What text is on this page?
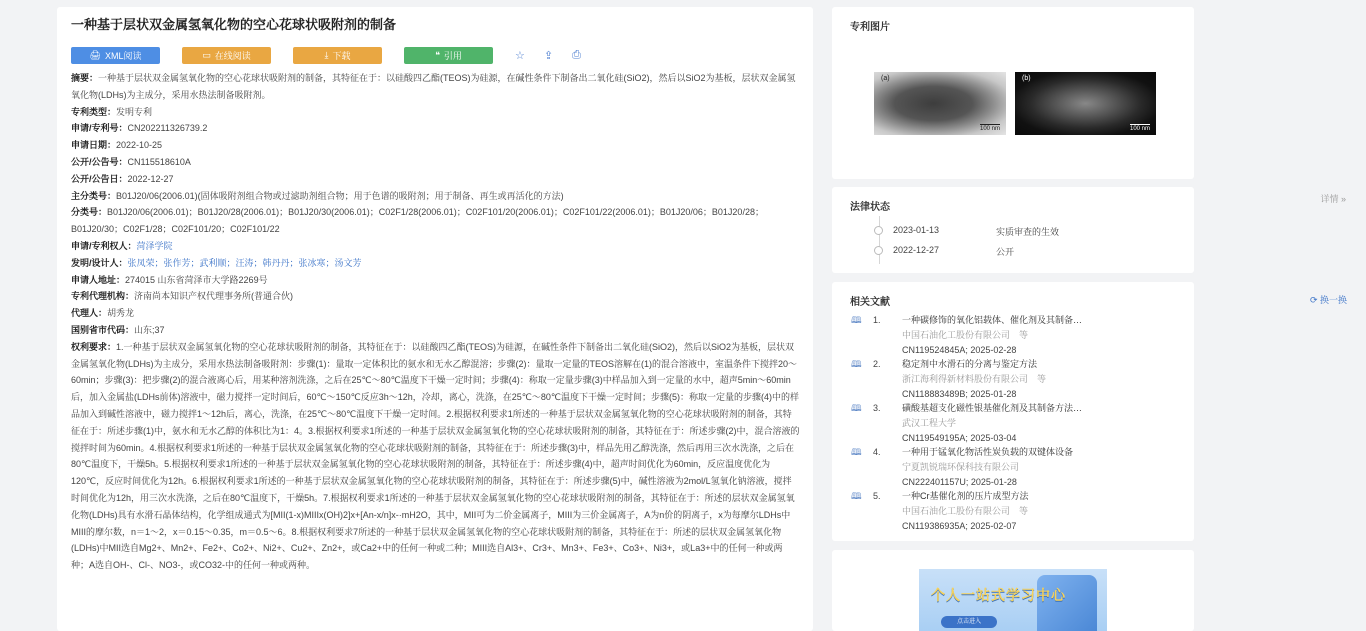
一种基于层状双金属氢氧化物的空心花球状吸附剂的制备
🖨 XML阅读	▭ 在线阅读	⤓ 下载	❝ 引用	☆ ⇪ ⎙

摘要：一种基于层状双金属氢氧化物的空心花球状吸附剂的制备，其特征在于：以硅酸四乙酯(TEOS)为硅源，在碱性条件下制备出二氧化硅(SiO2)，然后以SiO2为基板，层状双金属氢氧化物(LDHs)为主成分，采用水热法制备吸附剂。

专利类型：发明专利

申请/专利号：CN202211326739.2

申请日期：2022-10-25

公开/公告号：CN115518610A

公开/公告日：2022-12-27

主分类号：B01J20/06(2006.01)(固体吸附剂组合物或过滤助剂组合物；用于色谱的吸附剂；用于制备、再生或再活化的方法)

分类号：B01J20/06(2006.01)；B01J20/28(2006.01)；B01J20/30(2006.01)；C02F1/28(2006.01)；C02F101/20(2006.01)；C02F101/22(2006.01)；B01J20/06；B01J20/28；B01J20/30；C02F1/28；C02F101/20；C02F101/22

申请/专利权人：菏泽学院

发明/设计人：张凤荣；张作芳；武利顺；汪涛；韩丹丹；张冰寒；汤文芳

申请人地址：274015 山东省菏泽市大学路2269号

专利代理机构：济南尚本知识产权代理事务所(普通合伙)

代理人：胡秀龙

国别省市代码：山东;37

权利要求：1.一种基于层状双金属氢氧化物的空心花球状吸附剂的制备，其特征在于：以硅酸四乙酯(TEOS)为硅源，在碱性条件下制备出二氧化硅(SiO2)，然后以SiO2为基板，层状双金属氢氧化物(LDHs)为主成分，采用水热法制备吸附剂：步骤(1)：量取一定体积比的氨水和无水乙醇混溶；步骤(2)：量取一定量的TEOS溶解在(1)的混合溶液中，室温条件下搅拌20～60min；步骤(3)：把步骤(2)的混合液离心后，用某种溶剂洗涤，之后在25℃～80℃温度下干燥一定时间；步骤(4)：称取一定量步骤(3)中样品加入到一定量的水中，超声5min～60min后，加入金属盐(LDHs前体)溶液中，磁力搅拌一定时间后，60℃～150℃反应3h～12h，冷却，离心，洗涤，在25℃～80℃温度下干燥一定时间；步骤(5)：称取一定量的步骤(4)中的样品加入到碱性溶液中，磁力搅拌1～12h后，离心，洗涤，在25℃～80℃温度下干燥一定时间。2.根据权利要求1所述的一种基于层状双金属氢氧化物的空心花球状吸附剂的制备，其特征在于：所述步骤(1)中，氨水和无水乙醇的体积比为1：4。3.根据权利要求1所述的一种基于层状双金属氢氧化物的空心花球状吸附剂的制备，其特征在于：所述步骤(2)中，混合溶液的搅拌时间为60min。4.根据权利要求1所述的一种基于层状双金属氢氧化物的空心花球状吸附剂的制备，其特征在于：所述步骤(3)中，样品先用乙醇洗涤，然后再用三次水洗涤，之后在80℃温度下，干燥5h。5.根据权利要求1所述的一种基于层状双金属氢氧化物的空心花球状吸附剂的制备，其特征在于：所述步骤(4)中，超声时间优化为60min，反应温度优化为120℃，反应时间优化为12h。6.根据权利要求1所述的一种基于层状双金属氢氧化物的空心花球状吸附剂的制备，其特征在于：所述步骤(5)中，碱性溶液为2mol/L氢氧化钠溶液，搅拌时间优化为12h，用三次水洗涤，之后在80℃温度下，干燥5h。7.根据权利要求1所述的一种基于层状双金属氢氧化物的空心花球状吸附剂的制备，其特征在于：所述的层状双金属氢氧化物(LDHs)具有水滑石晶体结构，化学组成通式为[MII(1-x)MIIIx(OH)2]x+[An-x/n]x-·mH2O，其中，MII可为二价金属离子，MIII为三价金属离子，A为n价的阴离子，x为每摩尔LDHs中MIII的摩尔数，n＝1～2，x＝0.15～0.35，m＝0.5～6。8.根据权利要求7所述的一种基于层状双金属氢氧化物的空心花球状吸附剂的制备，其特征在于：所述的层状双金属氢氧化物(LDHs)中MII选自Mg2+、Mn2+、Fe2+、Co2+、Ni2+、Cu2+、Zn2+，或Ca2+中的任何一种或二种；MIII选自Al3+、Cr3+、Mn3+、Fe3+、Co3+、Ni3+，或La3+中的任何一种或两种；A选自OH-、Cl-、NO3-，或CO32-中的任何一种或两种。

专利图片
(a)
100 nm
(b)
100 nm
法律状态
详情 »
2023-01-13	实质审查的生效
2022-12-27	公开
相关文献	⟳ 换一换
🕮 1. 一种碳修饰的氧化铝载体、催化剂及其制备…
中国石油化工股份有限公司　等
CN119524845A; 2025-02-28
🕮 2. 稳定剂中水滑石的分离与鉴定方法
浙江海利得新材料股份有限公司　等
CN118883489B; 2025-01-28
🕮 3. 磺酸基超支化磁性银基催化剂及其制备方法…
武汉工程大学
CN119549195A; 2025-03-04
🕮 4. 一种用于锰氧化物活性炭负载的双键体设备
宁夏凯锐瑞环保科技有限公司
CN222401157U; 2025-01-28
🕮 5. 一种Cr基催化剂的压片成型方法
中国石油化工股份有限公司　等
CN119386935A; 2025-02-07
个人一站式学习中心
点击进入
